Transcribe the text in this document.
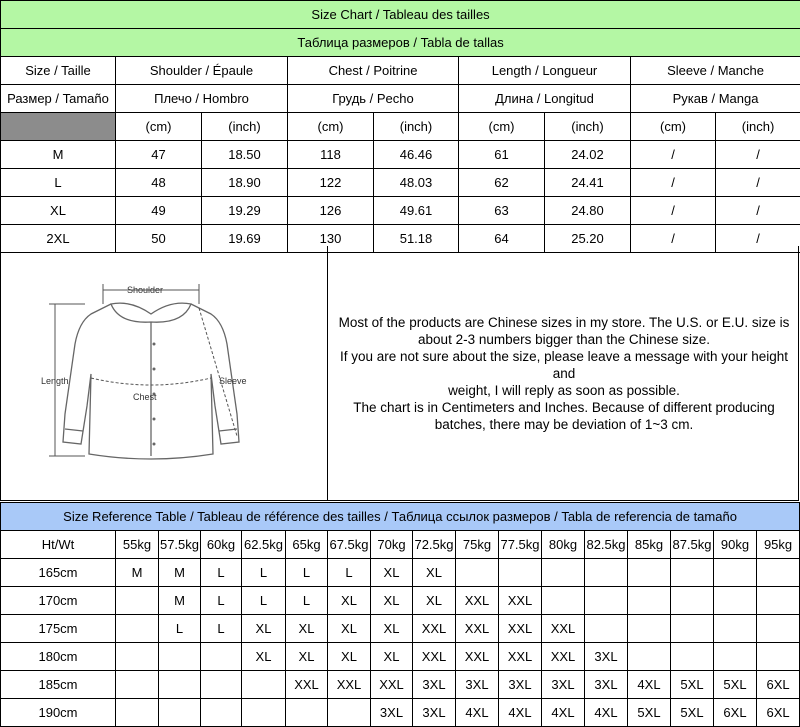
Size Chart / Tableau des tailles								
Таблица размеров / Tabla de tallas								
Size / Taille	Shoulder / Épaule		Chest / Poitrine		Length / Longueur		Sleeve / Manche	
Размер / Tamaño	Плечо / Hombro		Грудь / Pecho		Длина / Longitud		Рукав / Manga	
	(cm)	(inch)	(cm)	(inch)	(cm)	(inch)	(cm)	(inch)
M	47	18.50	118	46.46	61	24.02	/	/
L	48	18.90	122	48.03	62	24.41	/	/
XL	49	19.29	126	49.61	63	24.80	/	/
2XL	50	19.69	130	51.18	64	25.20	/	/
Shoulder
Length
Chest
Sleeve
Most of the products are Chinese sizes in my store. The U.S. or E.U. size is
about 2-3 numbers bigger than the Chinese size.
If you are not sure about the size, please leave a message with your height and
weight, I will reply as soon as possible.
The chart is in Centimeters and Inches. Because of different producing
batches, there may be deviation of 1~3 cm.
Size Reference Table / Tableau de référence des tailles / Таблица ссылок размеров / Tabla de referencia de tamaño																
Ht/Wt	55kg	57.5kg	60kg	62.5kg	65kg	67.5kg	70kg	72.5kg	75kg	77.5kg	80kg	82.5kg	85kg	87.5kg	90kg	95kg
165cm	M	M	L	L	L	L	XL	XL								
170cm		M	L	L	L	XL	XL	XL	XXL	XXL						
175cm		L	L	XL	XL	XL	XL	XXL	XXL	XXL	XXL					
180cm				XL	XL	XL	XL	XXL	XXL	XXL	XXL	3XL				
185cm					XXL	XXL	XXL	3XL	3XL	3XL	3XL	3XL	4XL	5XL	5XL	6XL
190cm							3XL	3XL	4XL	4XL	4XL	4XL	5XL	5XL	6XL	6XL
